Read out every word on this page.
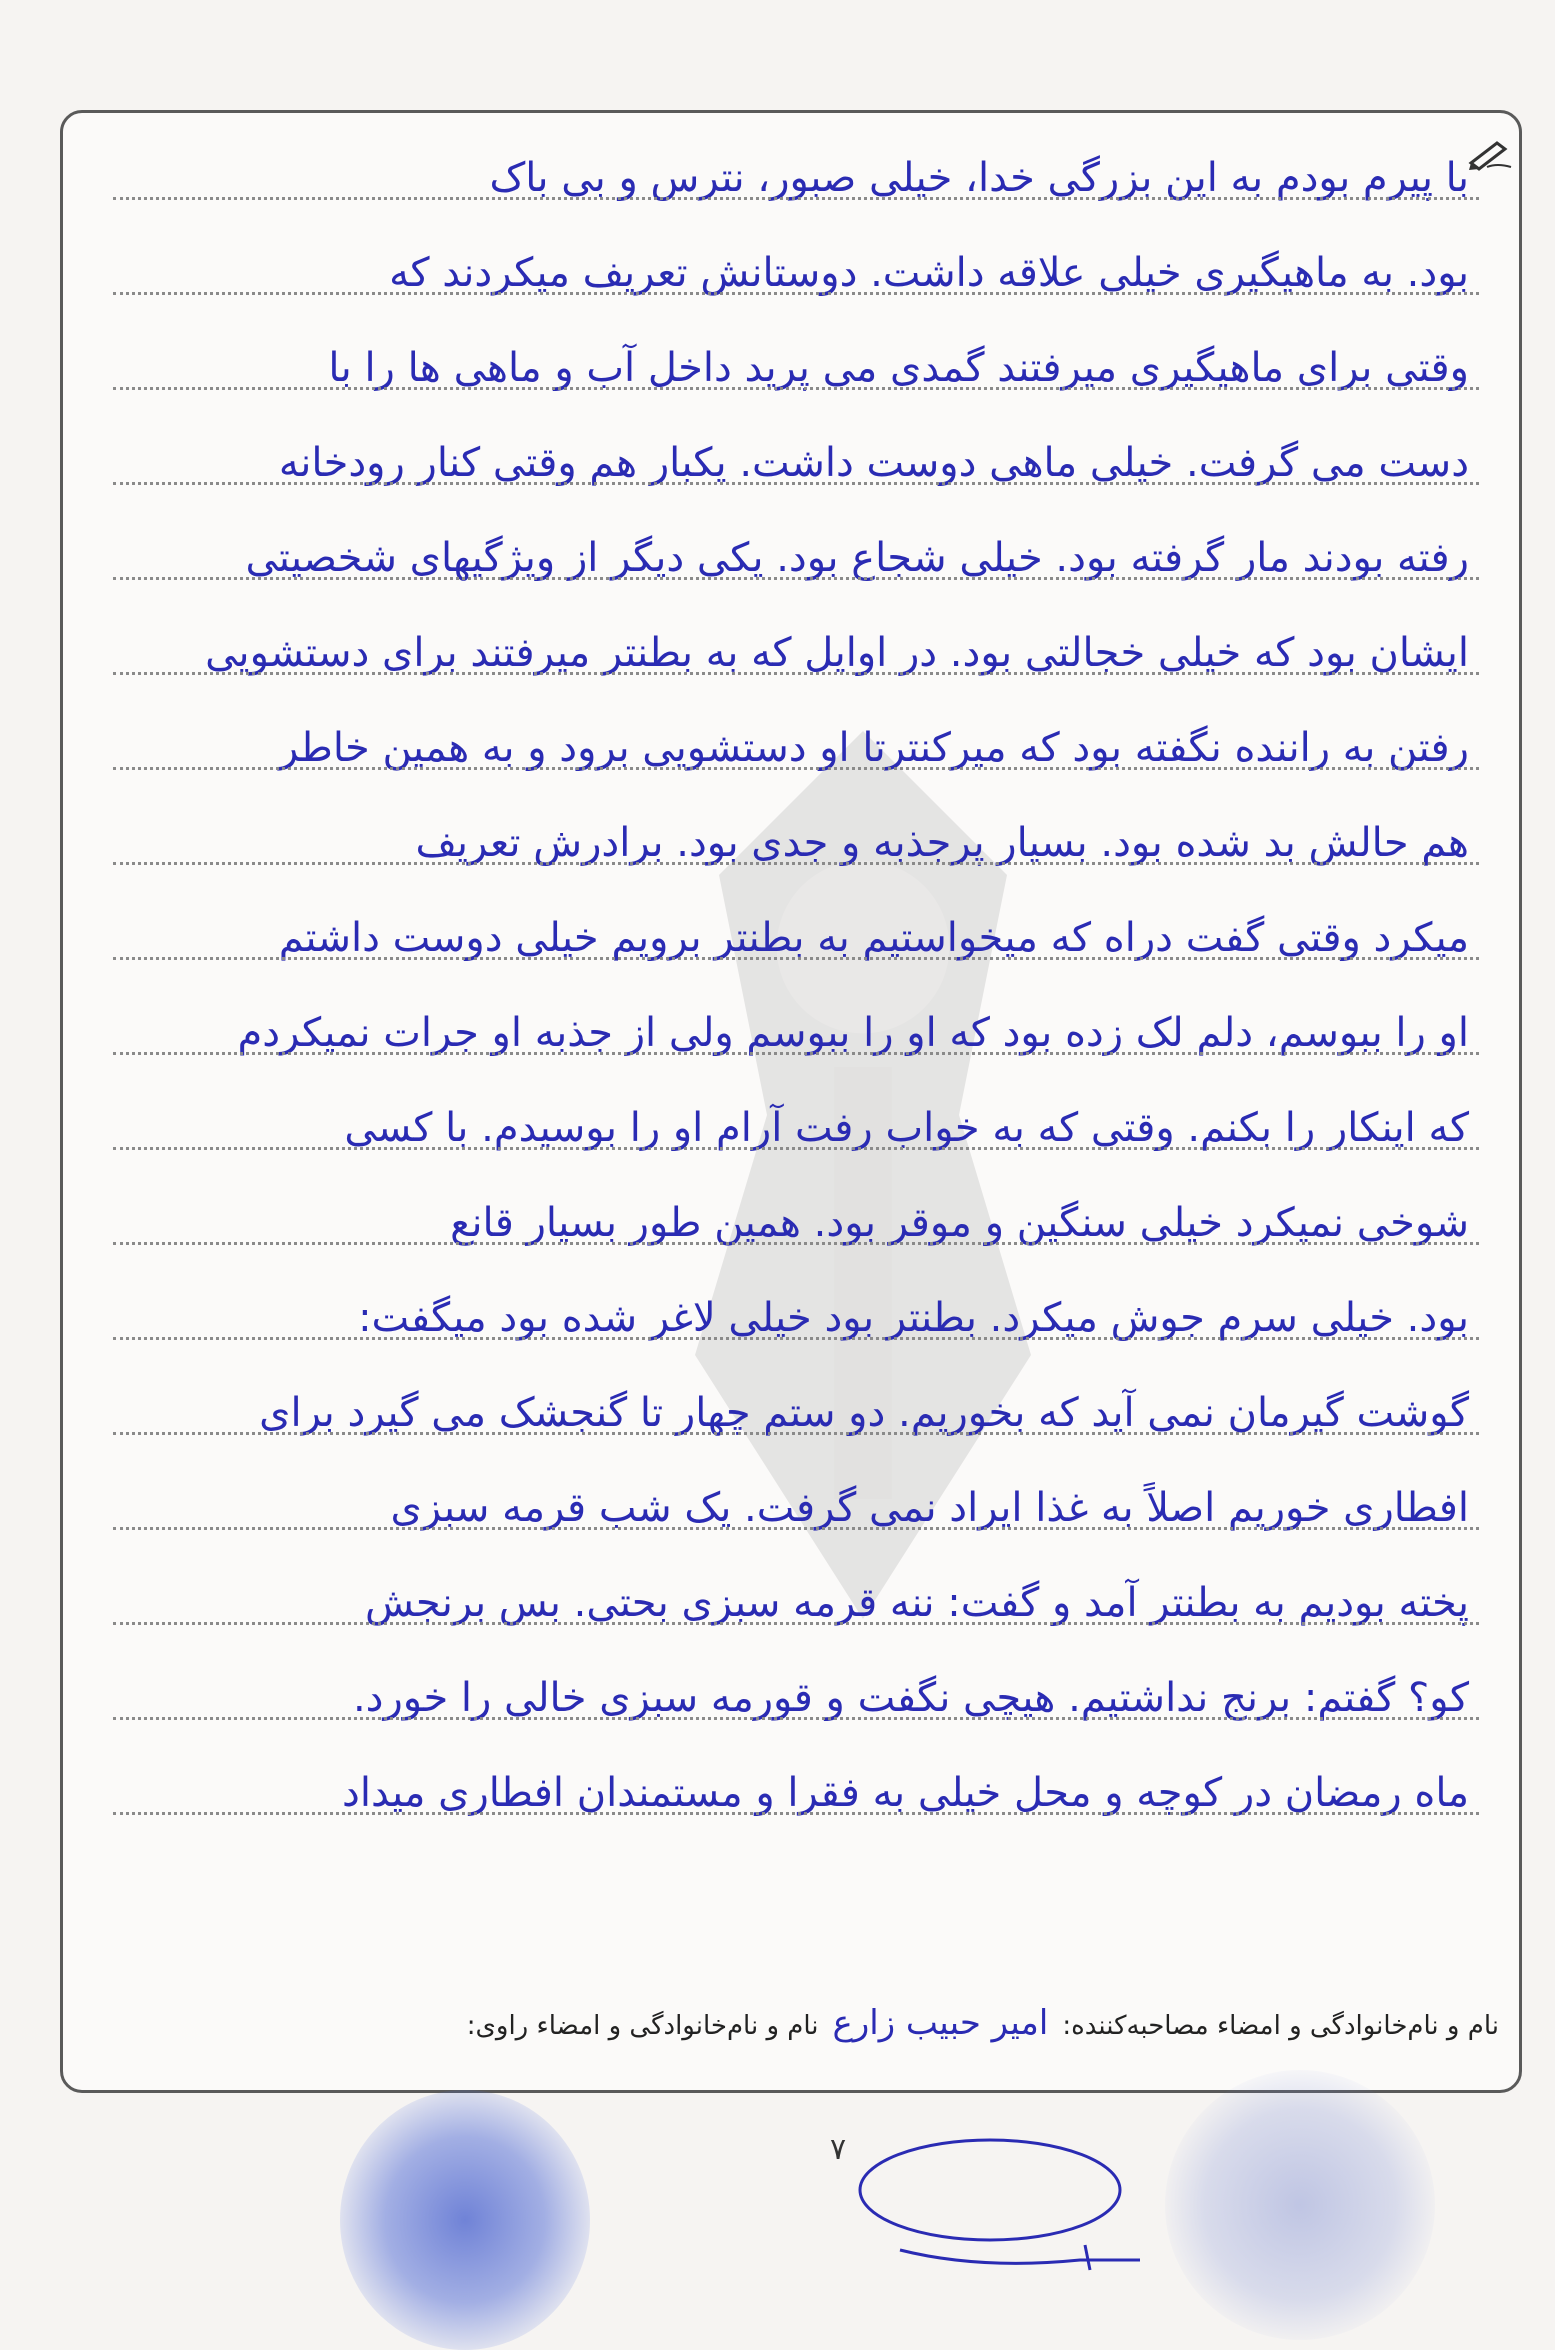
با پیرم بودم به این بزرگی خدا، خیلی صبور، نترس و بی باک
بود. به ماهیگیری خیلی علاقه داشت. دوستانش تعریف میکردند که
وقتی برای ماهیگیری میرفتند گمدی می پرید داخل آب و ماهی ها را با
دست می گرفت. خیلی ماهی دوست داشت. یکبار هم وقتی کنار رودخانه
رفته بودند مار گرفته بود. خیلی شجاع بود. یکی دیگر از ویژگیهای شخصیتی
ایشان بود که خیلی خجالتی بود. در اوایل که به بطنتر میرفتند برای دستشویی
رفتن به راننده نگفته بود که میرکنترتا او دستشویی برود و به همین خاطر
هم حالش بد شده بود. بسیار پرجذبه و جدی بود. برادرش تعریف
میکرد وقتی گفت دراه که میخواستیم به بطنتر برویم خیلی دوست داشتم
او را ببوسم، دلم لک زده بود که او را ببوسم ولی از جذبه او جرات نمیکردم
که اینکار را بکنم. وقتی که به خواب رفت آرام او را بوسیدم. با کسی
شوخی نمیکرد خیلی سنگین و موقر بود. همین طور بسیار قانع
بود. خیلی سرم جوش میکرد. بطنتر بود خیلی لاغر شده بود میگفت:
گوشت گیرمان نمی آید که بخوریم. دو ستم چهار تا گنجشک می گیرد برای
افطاری خوریم اصلاً به غذا ایراد نمی گرفت. یک شب قرمه سبزی
پخته بودیم به بطنتر آمد و گفت: ننه قرمه سبزی بحتی. بس برنجش
کو؟ گفتم: برنج نداشتیم. هیچی نگفت و قورمه سبزی خالی را خورد.
ماه رمضان در کوچه و محل خیلی به فقرا و مستمندان افطاری میداد
نام و نام‌خانوادگی و امضاء مصاحبه‌کننده:
امیر حبیب زارع
نام و نام‌خانوادگی و امضاء راوی:
۷
